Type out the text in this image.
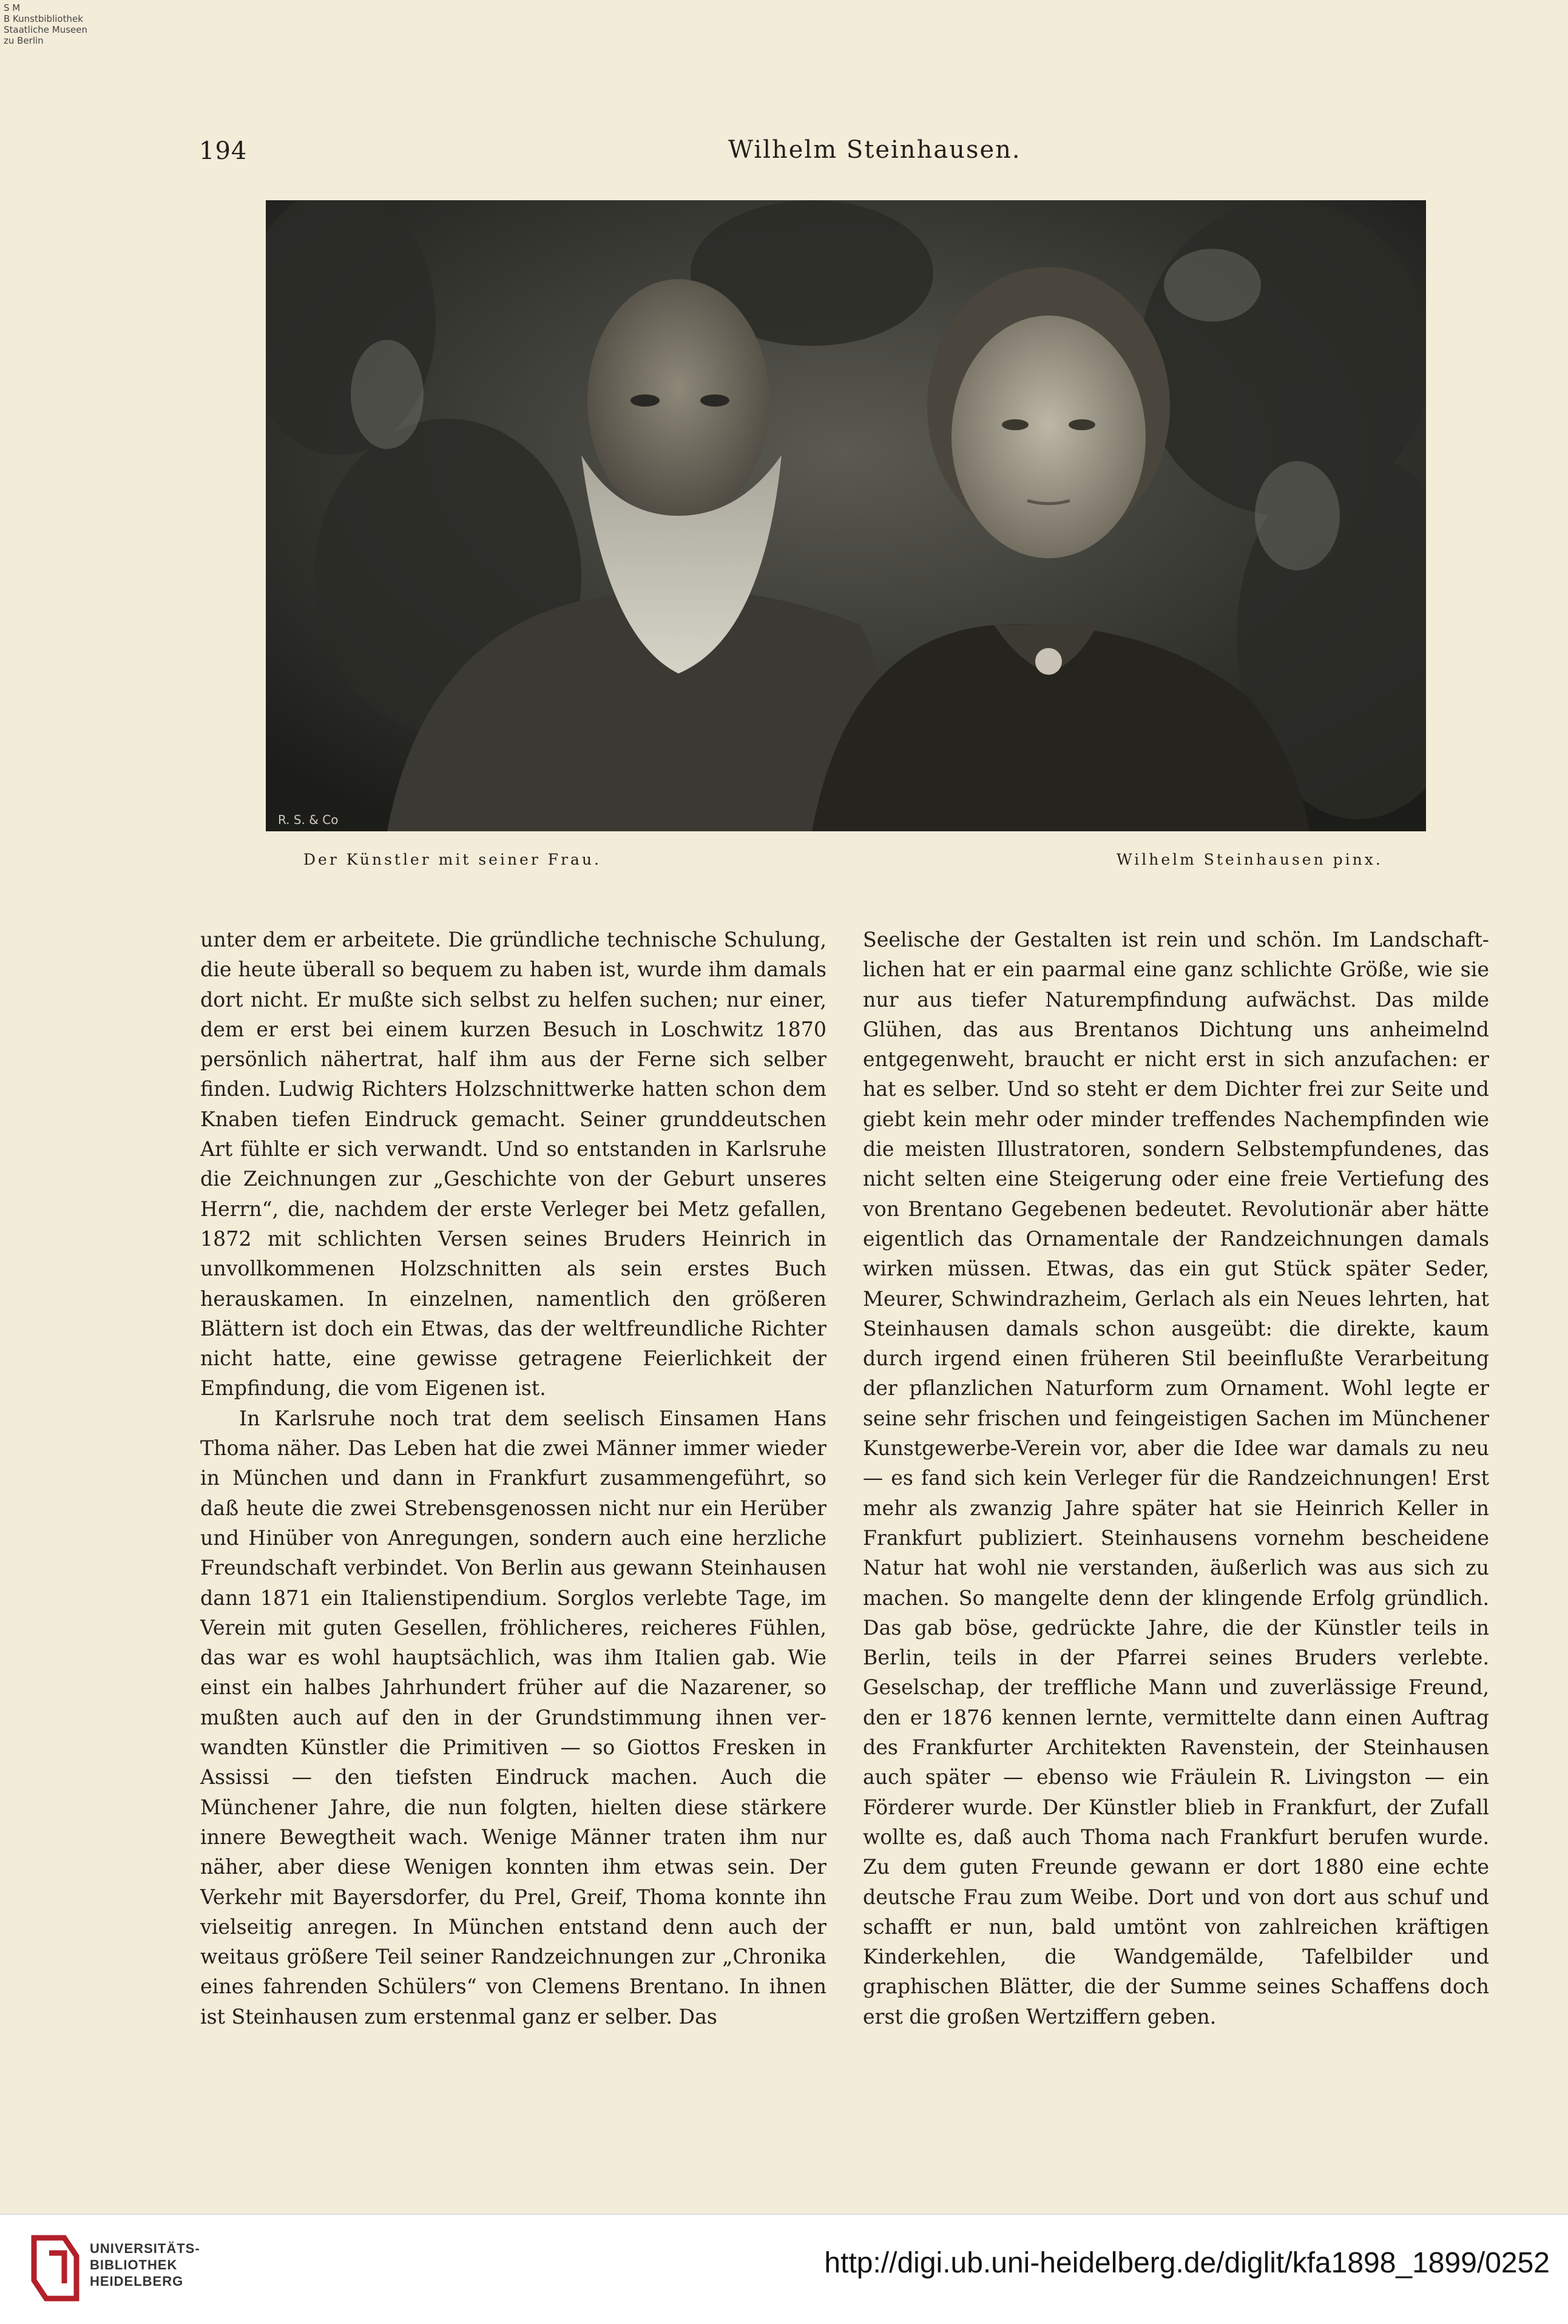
S M
B Kunstbibliothek
Staatliche Museen
zu Berlin
194	Wilhelm Steinhausen.
R. S. & Co
Der Künstler mit seiner Frau.	Wilhelm Steinhausen pinx.

unter dem er arbeitete. Die gründliche technische Schulung, die heute überall so bequem zu haben ist, wurde ihm damals dort nicht. Er mußte sich selbst zu helfen suchen; nur einer, dem er erst bei einem kurzen Besuch in Loschwitz 1870 persönlich nähertrat, half ihm aus der Ferne sich selber finden. Ludwig Richters Holzschnittwerke hatten schon dem Knaben tiefen Eindruck gemacht. Seiner grunddeutschen Art fühlte er sich verwandt. Und so entstanden in Karlsruhe die Zeichnungen zur „Geschichte von der Geburt unseres Herrn“, die, nachdem der erste Verleger bei Metz gefallen, 1872 mit schlichten Versen seines Bruders Heinrich in unvollkommenen Holzschnitten als sein erstes Buch herauskamen. In einzelnen, namentlich den größeren Blättern ist doch ein Etwas, das der weltfreundliche Richter nicht hatte, eine gewisse getragene Feierlichkeit der Empfindung, die vom Eigenen ist.

In Karlsruhe noch trat dem seelisch Einsamen Hans Thoma näher. Das Leben hat die zwei Männer immer wieder in München und dann in Frankfurt zusammengeführt, so daß heute die zwei Strebensgenossen nicht nur ein Herüber und Hinüber von Anregungen, sondern auch eine herzliche Freundschaft verbindet. Von Berlin aus gewann Steinhausen dann 1871 ein Italienstipendium. Sorglos verlebte Tage, im Verein mit guten Gesellen, fröhlicheres, reicheres Fühlen, das war es wohl hauptsächlich, was ihm Italien gab. Wie einst ein halbes Jahrhundert früher auf die Nazarener, so mußten auch auf den in der Grundstimmung ihnen verwandten Künstler die Primitiven — so Giottos Fresken in Assissi — den tiefsten Eindruck machen. Auch die Münchener Jahre, die nun folgten, hielten diese stärkere innere Bewegtheit wach. Wenige Männer traten ihm nur näher, aber diese Wenigen konnten ihm etwas sein. Der Verkehr mit Bayersdorfer, du Prel, Greif, Thoma konnte ihn vielseitig anregen. In München entstand denn auch der weitaus größere Teil seiner Randzeichnungen zur „Chronika eines fahrenden Schülers“ von Clemens Brentano. In ihnen ist Steinhausen zum erstenmal ganz er selber. Das

Seelische der Gestalten ist rein und schön. Im Landschaftlichen hat er ein paarmal eine ganz schlichte Größe, wie sie nur aus tiefer Naturempfindung aufwächst. Das milde Glühen, das aus Brentanos Dichtung uns anheimelnd entgegenweht, braucht er nicht erst in sich anzufachen: er hat es selber. Und so steht er dem Dichter frei zur Seite und giebt kein mehr oder minder treffendes Nachempfinden wie die meisten Illustratoren, sondern Selbstempfundenes, das nicht selten eine Steigerung oder eine freie Vertiefung des von Brentano Gegebenen bedeutet. Revolutionär aber hätte eigentlich das Ornamentale der Randzeichnungen damals wirken müssen. Etwas, das ein gut Stück später Seder, Meurer, Schwindrazheim, Gerlach als ein Neues lehrten, hat Steinhausen damals schon ausgeübt: die direkte, kaum durch irgend einen früheren Stil beeinflußte Verarbeitung der pflanzlichen Naturform zum Ornament. Wohl legte er seine sehr frischen und feingeistigen Sachen im Münchener Kunstgewerbe-Verein vor, aber die Idee war damals zu neu — es fand sich kein Verleger für die Randzeichnungen! Erst mehr als zwanzig Jahre später hat sie Heinrich Keller in Frankfurt publiziert. Steinhausens vornehm bescheidene Natur hat wohl nie verstanden, äußerlich was aus sich zu machen. So mangelte denn der klingende Erfolg gründlich. Das gab böse, gedrückte Jahre, die der Künstler teils in Berlin, teils in der Pfarrei seines Bruders verlebte. Geselschap, der treffliche Mann und zuverlässige Freund, den er 1876 kennen lernte, vermittelte dann einen Auftrag des Frankfurter Architekten Ravenstein, der Steinhausen auch später — ebenso wie Fräulein R. Livingston — ein Förderer wurde. Der Künstler blieb in Frankfurt, der Zufall wollte es, daß auch Thoma nach Frankfurt berufen wurde. Zu dem guten Freunde gewann er dort 1880 eine echte deutsche Frau zum Weibe. Dort und von dort aus schuf und schafft er nun, bald umtönt von zahlreichen kräftigen Kinderkehlen, die Wandgemälde, Tafelbilder und graphischen Blätter, die der Summe seines Schaffens doch erst die großen Wertziffern geben.

UNIVERSITÄTS-
BIBLIOTHEK
HEIDELBERG
http://digi.ub.uni-heidelberg.de/diglit/kfa1898_1899/0252
